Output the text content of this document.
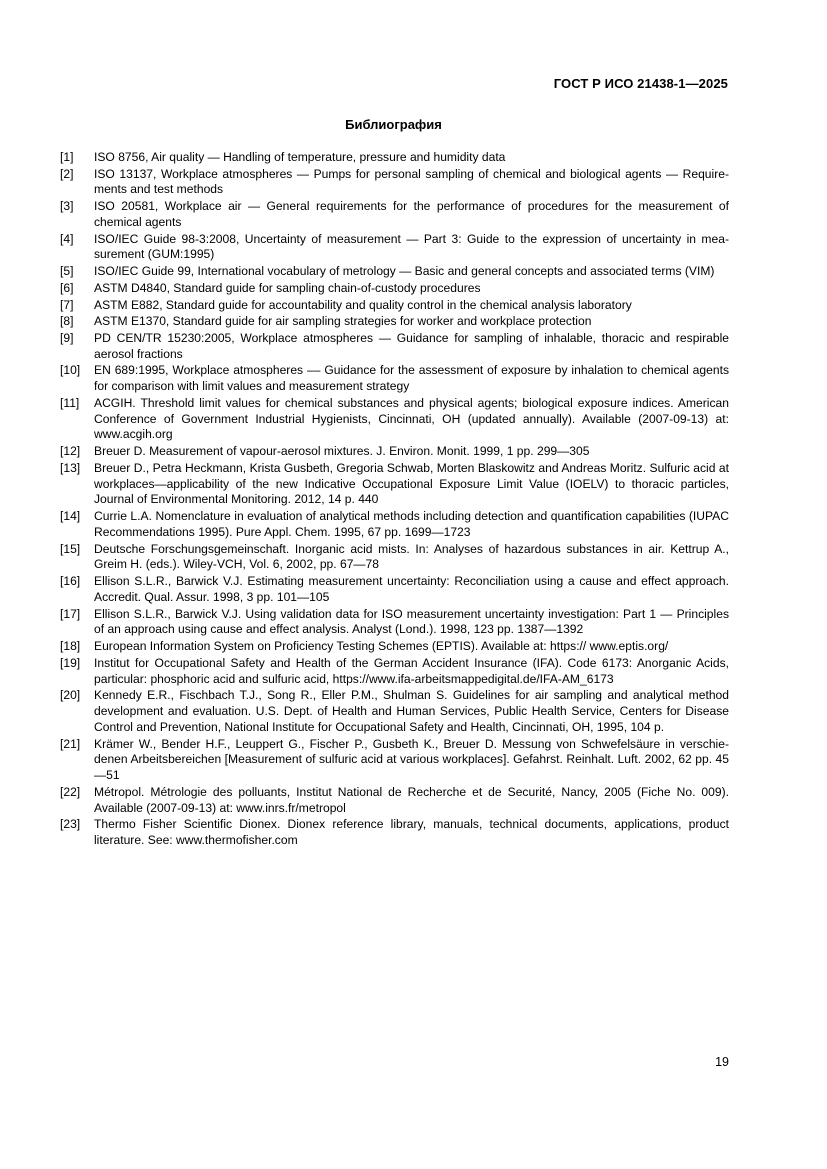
ГОСТ Р ИСО 21438-1—2025
Библиография
[1]	ISO 8756, Air quality — Handling of temperature, pressure and humidity data
[2]	ISO 13137, Workplace atmospheres — Pumps for personal sampling of chemical and biological agents — Requirements and test methods
[3]	ISO 20581, Workplace air — General requirements for the performance of procedures for the measurement of chemical agents
[4]	ISO/IEC Guide 98-3:2008, Uncertainty of measurement — Part 3: Guide to the expression of uncertainty in measurement (GUM:1995)
[5]	ISO/IEC Guide 99, International vocabulary of metrology — Basic and general concepts and associated terms (VIM)
[6]	ASTM D4840, Standard guide for sampling chain-of-custody procedures
[7]	ASTM E882, Standard guide for accountability and quality control in the chemical analysis laboratory
[8]	ASTM E1370, Standard guide for air sampling strategies for worker and workplace protection
[9]	PD CEN/TR 15230:2005, Workplace atmospheres — Guidance for sampling of inhalable, thoracic and respirable aerosol fractions
[10]	EN 689:1995, Workplace atmospheres –– Guidance for the assessment of exposure by inhalation to chemical agents for comparison with limit values and measurement strategy
[11]	ACGIH. Threshold limit values for chemical substances and physical agents; biological exposure indices. American Conference of Government Industrial Hygienists, Cincinnati, OH (updated annually). Available (2007-09-13) at: www.acgih.org
[12]	Breuer D. Measurement of vapour-aerosol mixtures. J. Environ. Monit. 1999, 1 pp. 299—305
[13]	Breuer D., Petra Heckmann, Krista Gusbeth, Gregoria Schwab, Morten Blaskowitz and Andreas Moritz. Sulfuric acid at workplaces—applicability of the new Indicative Occupational Exposure Limit Value (IOELV) to thoracic particles, Journal of Environmental Monitoring. 2012, 14 p. 440
[14]	Currie L.A. Nomenclature in evaluation of analytical methods including detection and quantification capabilities (IUPAC Recommendations 1995). Pure Appl. Chem. 1995, 67 pp. 1699—1723
[15]	Deutsche Forschungsgemeinschaft. Inorganic acid mists. In: Analyses of hazardous substances in air. Kettrup A., Greim H. (eds.). Wiley-VCH, Vol. 6, 2002, pp. 67—78
[16]	Ellison S.L.R., Barwick V.J. Estimating measurement uncertainty: Reconciliation using a cause and effect approach. Accredit. Qual. Assur. 1998, 3 pp. 101—105
[17]	Ellison S.L.R., Barwick V.J. Using validation data for ISO measurement uncertainty investigation: Part 1 — Principles of an approach using cause and effect analysis. Analyst (Lond.). 1998, 123 pp. 1387—1392
[18]	European Information System on Proficiency Testing Schemes (EPTIS). Available at: https:// www.eptis.org/
[19]	Institut for Occupational Safety and Health of the German Accident Insurance (IFA). Code 6173: Anorganic Acids, particular: phosphoric acid and sulfuric acid, https://www.ifa-arbeitsmappedigital.de/IFA-AM_6173
[20]	Kennedy E.R., Fischbach T.J., Song R., Eller P.M., Shulman S. Guidelines for air sampling and analytical method development and evaluation. U.S. Dept. of Health and Human Services, Public Health Service, Centers for Disease Control and Prevention, National Institute for Occupational Safety and Health, Cincinnati, OH, 1995, 104 p.
[21]	Krämer W., Bender H.F., Leuppert G., Fischer P., Gusbeth K., Breuer D. Messung von Schwefelsäure in verschiedenen Arbeitsbereichen [Measurement of sulfuric acid at various workplaces]. Gefahrst. Reinhalt. Luft. 2002, 62 pp. 45—51
[22]	Métropol. Métrologie des polluants, Institut National de Recherche et de Securité, Nancy, 2005 (Fiche No. 009). Available (2007-09-13) at: www.inrs.fr/metropol
[23]	Thermo Fisher Scientific Dionex. Dionex reference library, manuals, technical documents, applications, product literature. See: www.thermofisher.com
19
